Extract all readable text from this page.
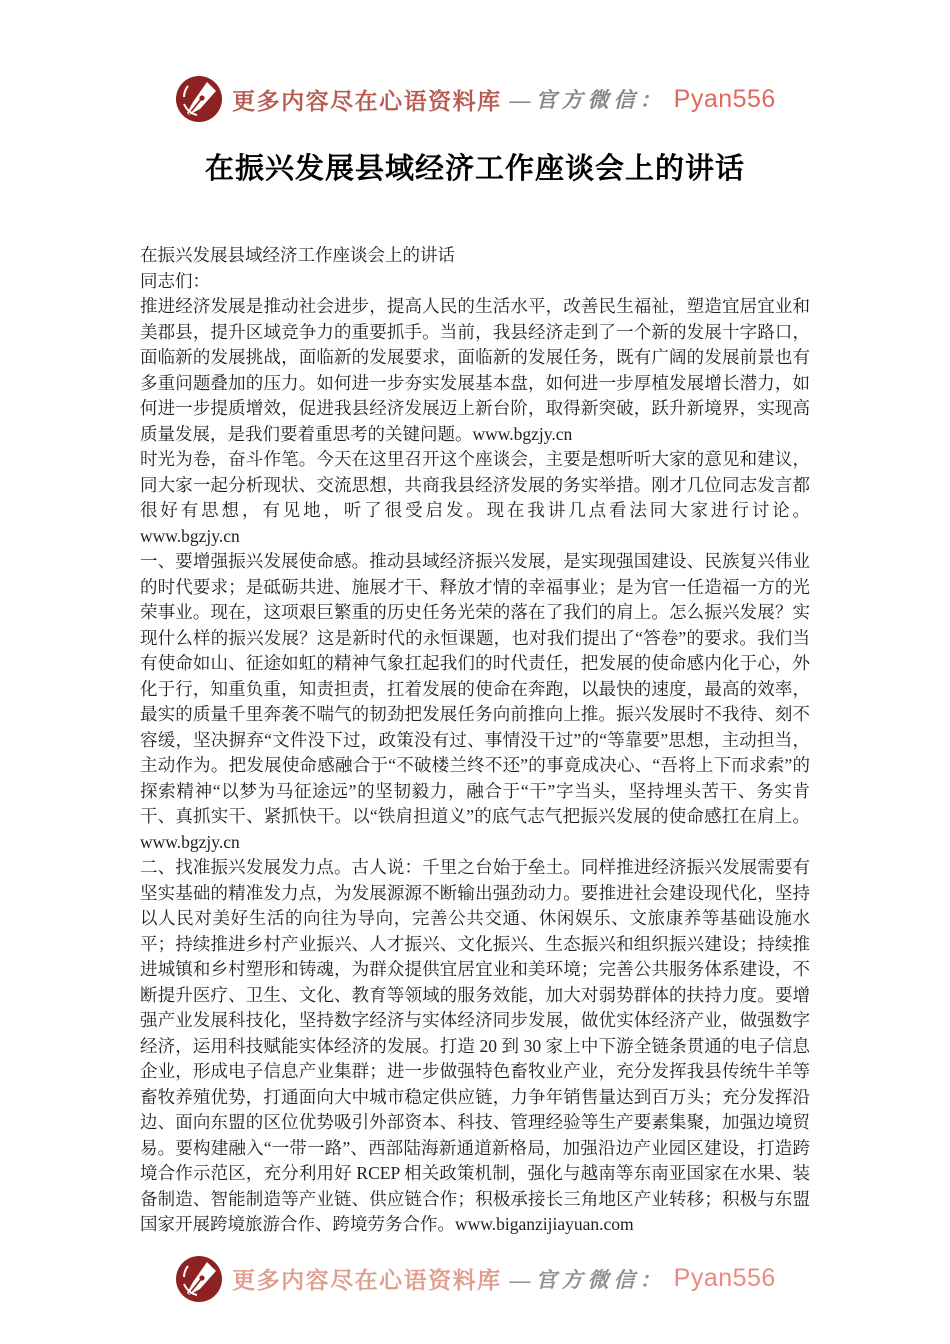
更多内容尽在心语资料库 —官方微信： Pyan556
在振兴发展县域经济工作座谈会上的讲话

在振兴发展县域经济工作座谈会上的讲话

同志们：

推进经济发展是推动社会进步，提高人民的生活水平，改善民生福祉，塑造宜居宜业和美郡县，提升区域竞争力的重要抓手。当前，我县经济走到了一个新的发展十字路口，面临新的发展挑战，面临新的发展要求，面临新的发展任务，既有广阔的发展前景也有多重问题叠加的压力。如何进一步夯实发展基本盘，如何进一步厚植发展增长潜力，如何进一步提质增效，促进我县经济发展迈上新台阶，取得新突破，跃升新境界，实现高质量发展，是我们要着重思考的关键问题。www.bgzjy.cn

时光为卷，奋斗作笔。今天在这里召开这个座谈会，主要是想听听大家的意见和建议，同大家一起分析现状、交流思想，共商我县经济发展的务实举措。刚才几位同志发言都很好有思想，有见地，听了很受启发。现在我讲几点看法同大家进行讨论。www.bgzjy.cn

一、要增强振兴发展使命感。推动县域经济振兴发展，是实现强国建设、民族复兴伟业的时代要求；是砥砺共进、施展才干、释放才情的幸福事业；是为官一任造福一方的光荣事业。现在，这项艰巨繁重的历史任务光荣的落在了我们的肩上。怎么振兴发展？实现什么样的振兴发展？这是新时代的永恒课题，也对我们提出了“答卷”的要求。我们当有使命如山、征途如虹的精神气象扛起我们的时代责任，把发展的使命感内化于心，外化于行，知重负重，知责担责，扛着发展的使命在奔跑，以最快的速度，最高的效率，最实的质量千里奔袭不喘气的韧劲把发展任务向前推向上推。振兴发展时不我待、刻不容缓，坚决摒弃“文件没下过，政策没有过、事情没干过”的“等靠要”思想，主动担当，主动作为。把发展使命感融合于“不破楼兰终不还”的事竟成决心、“吾将上下而求索”的探索精神“以梦为马征途远”的坚韧毅力，融合于“干”字当头，坚持埋头苦干、务实肯干、真抓实干、紧抓快干。以“铁肩担道义”的底气志气把振兴发展的使命感扛在肩上。www.bgzjy.cn

二、找准振兴发展发力点。古人说：千里之台始于垒土。同样推进经济振兴发展需要有坚实基础的精准发力点，为发展源源不断输出强劲动力。要推进社会建设现代化，坚持以人民对美好生活的向往为导向，完善公共交通、休闲娱乐、文旅康养等基础设施水平；持续推进乡村产业振兴、人才振兴、文化振兴、生态振兴和组织振兴建设；持续推进城镇和乡村塑形和铸魂，为群众提供宜居宜业和美环境；完善公共服务体系建设，不断提升医疗、卫生、文化、教育等领域的服务效能，加大对弱势群体的扶持力度。要增强产业发展科技化，坚持数字经济与实体经济同步发展，做优实体经济产业，做强数字经济，运用科技赋能实体经济的发展。打造 20 到 30 家上中下游全链条贯通的电子信息企业，形成电子信息产业集群；进一步做强特色畜牧业产业，充分发挥我县传统牛羊等畜牧养殖优势，打通面向大中城市稳定供应链，力争年销售量达到百万头；充分发挥沿边、面向东盟的区位优势吸引外部资本、科技、管理经验等生产要素集聚，加强边境贸易。要构建融入“一带一路”、西部陆海新通道新格局，加强沿边产业园区建设，打造跨境合作示范区，充分利用好 RCEP 相关政策机制，强化与越南等东南亚国家在水果、装备制造、智能制造等产业链、供应链合作；积极承接长三角地区产业转移；积极与东盟国家开展跨境旅游合作、跨境劳务合作。www.biganzijiayuan.com

更多内容尽在心语资料库 —官方微信： Pyan556
